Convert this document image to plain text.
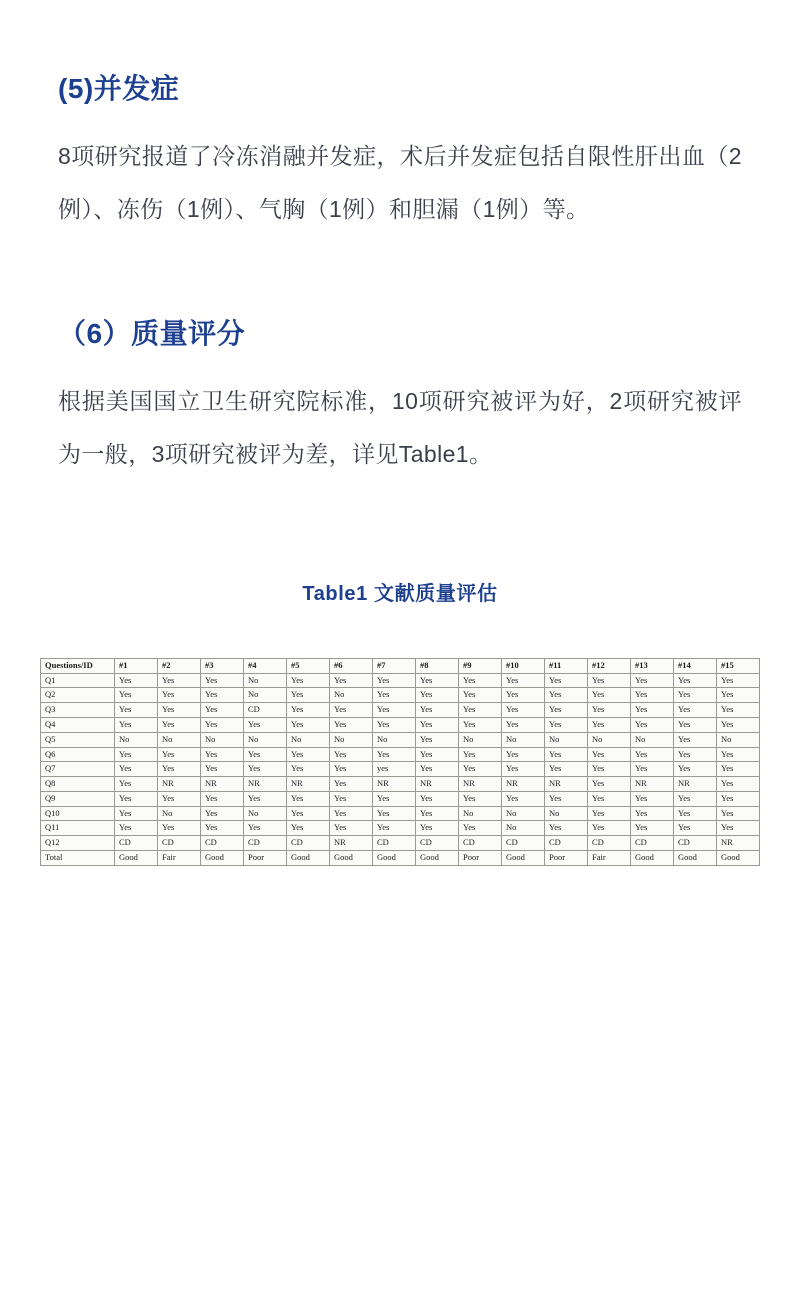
(5)并发症

8项研究报道了冷冻消融并发症，术后并发症包括自限性肝出血（2例）、冻伤（1例）、气胸（1例）和胆漏（1例）等。

（6）质量评分

根据美国国立卫生研究院标准，10项研究被评为好，2项研究被评为一般，3项研究被评为差，详见Table1。

Table1 文献质量评估
Questions/ID	#1	#2	#3	#4	#5	#6	#7	#8	#9	#10	#11	#12	#13	#14	#15
Q1	Yes	Yes	Yes	No	Yes	Yes	Yes	Yes	Yes	Yes	Yes	Yes	Yes	Yes	Yes
Q2	Yes	Yes	Yes	No	Yes	No	Yes	Yes	Yes	Yes	Yes	Yes	Yes	Yes	Yes
Q3	Yes	Yes	Yes	CD	Yes	Yes	Yes	Yes	Yes	Yes	Yes	Yes	Yes	Yes	Yes
Q4	Yes	Yes	Yes	Yes	Yes	Yes	Yes	Yes	Yes	Yes	Yes	Yes	Yes	Yes	Yes
Q5	No	No	No	No	No	No	No	Yes	No	No	No	No	No	Yes	No
Q6	Yes	Yes	Yes	Yes	Yes	Yes	Yes	Yes	Yes	Yes	Yes	Yes	Yes	Yes	Yes
Q7	Yes	Yes	Yes	Yes	Yes	Yes	yes	Yes	Yes	Yes	Yes	Yes	Yes	Yes	Yes
Q8	Yes	NR	NR	NR	NR	Yes	NR	NR	NR	NR	NR	Yes	NR	NR	Yes
Q9	Yes	Yes	Yes	Yes	Yes	Yes	Yes	Yes	Yes	Yes	Yes	Yes	Yes	Yes	Yes
Q10	Yes	No	Yes	No	Yes	Yes	Yes	Yes	No	No	No	Yes	Yes	Yes	Yes
Q11	Yes	Yes	Yes	Yes	Yes	Yes	Yes	Yes	Yes	No	Yes	Yes	Yes	Yes	Yes
Q12	CD	CD	CD	CD	CD	NR	CD	CD	CD	CD	CD	CD	CD	CD	NR
Total	Good	Fair	Good	Poor	Good	Good	Good	Good	Poor	Good	Poor	Fair	Good	Good	Good
